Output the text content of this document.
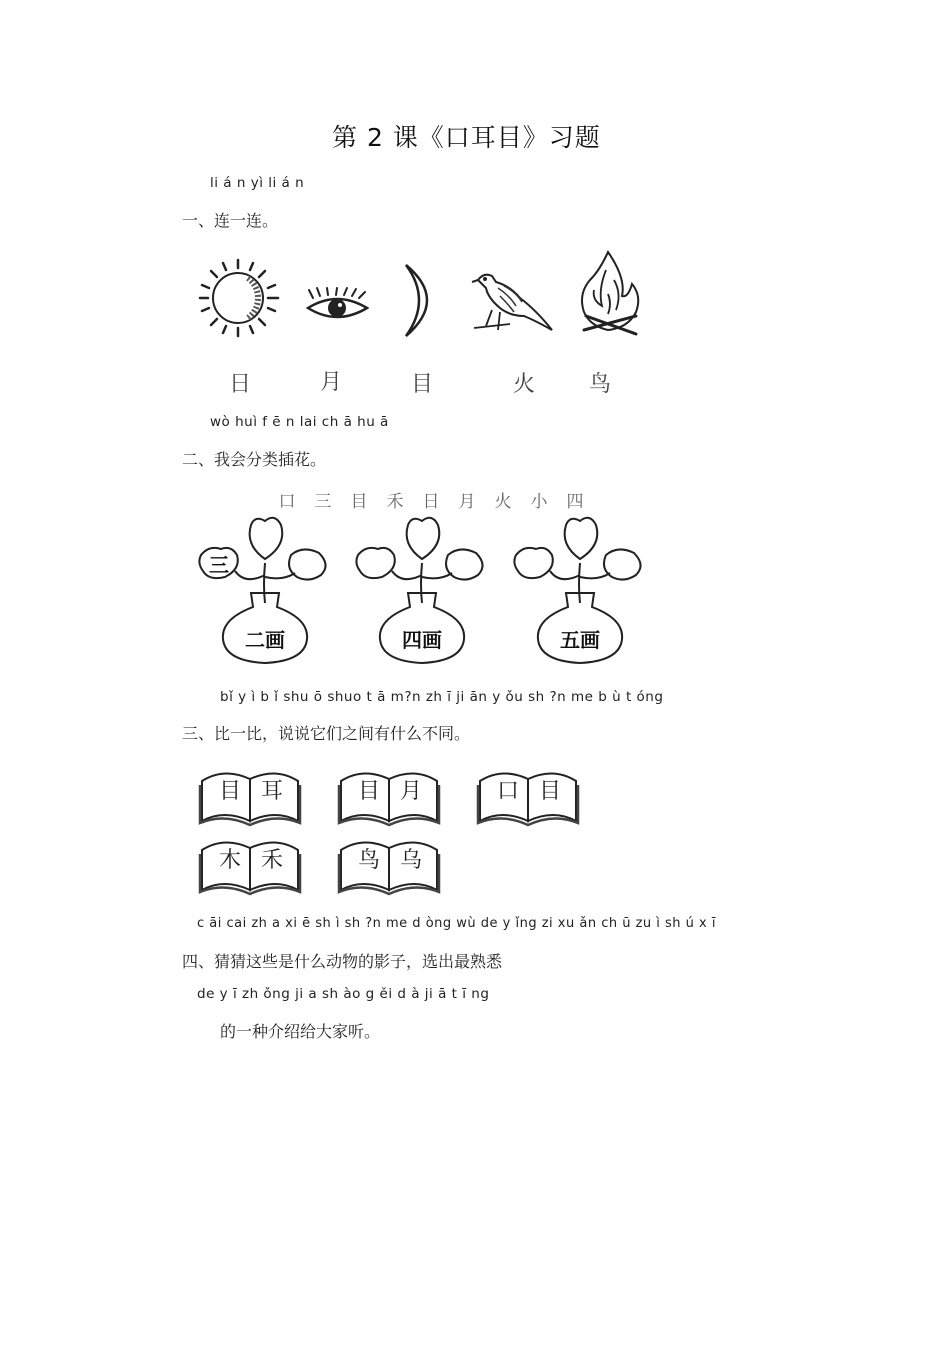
第 2 课《口耳目》习题
li á n yì li á n
一、连一连。
日	月	目	火 鸟
wò huì f ē n lai ch ā hu ā
二、我会分类插花。
口 三 目 禾 日 月 火 小 四
三
二画	四画	五画
bǐ y ì b ǐ shu ō shuo t ā m?n zh ī ji ān y ǒu sh ?n me b ù t óng
三、比一比，说说它们之间有什么不同。
目 耳	目 月	口 目
木 禾	鸟 乌
c āi cai zh a xi ē sh ì sh ?n me d òng wù de y ǐng zi xu ǎn ch ū zu ì sh ú x ī
四、猜猜这些是什么动物的影子，选出最熟悉
de y ī zh ǒng ji a sh ào g ěi d à ji ā t ī ng
的一种介绍给大家听。
